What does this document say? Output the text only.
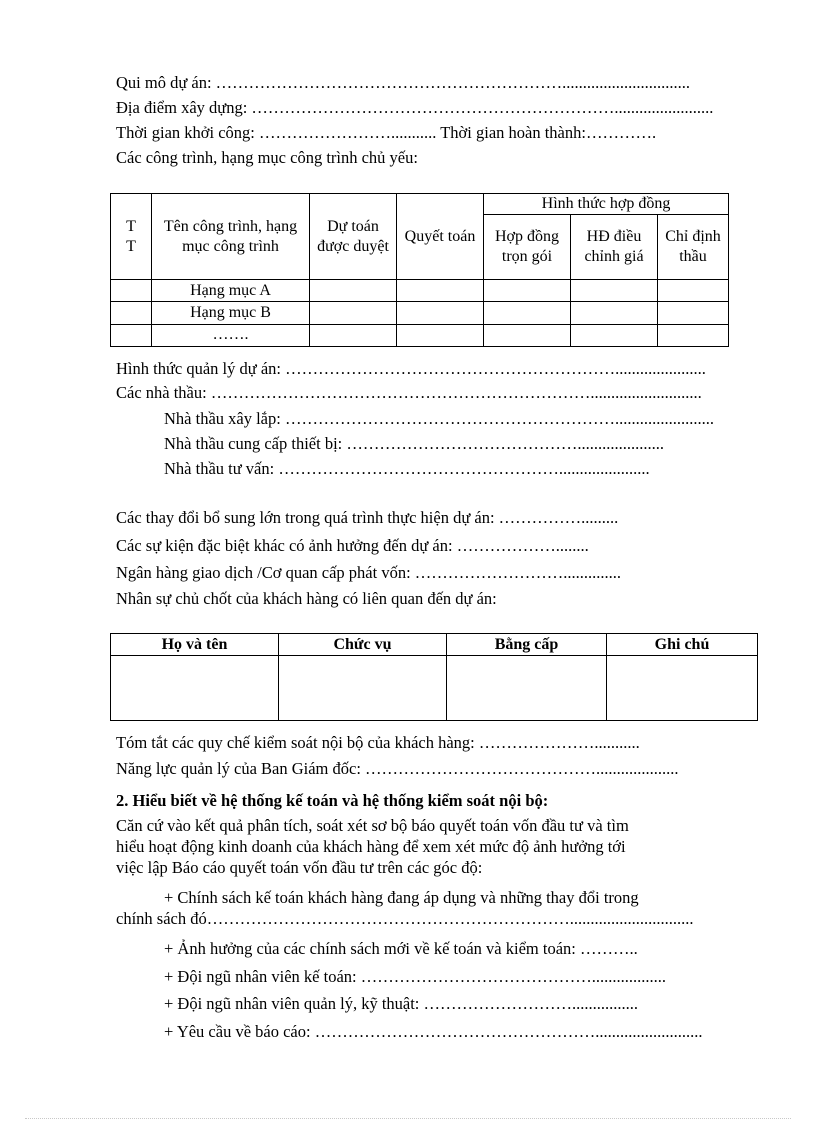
Qui mô dự án: ………………………………………………………...............................
Địa điểm xây dựng: …………………………………………………………........................
Thời gian khởi công: ……………………........... Thời gian hoàn thành:………….
Các công trình, hạng mục công trình chủ yếu:
T
T	Tên công trình, hạng mục công trình	Dự toán được duyệt	Quyết toán	Hình thức hợp đồng		
				Hợp đồng trọn gói	HĐ điều chỉnh giá	Chỉ định thầu
	Hạng mục A					
	Hạng mục B					
	…….					
Hình thức quản lý dự án: ……………………………………………………......................
Các nhà thầu: ……………………………………………………………...........................
Nhà thầu xây lắp: ……………………………………………………........................
Nhà thầu cung cấp thiết bị: …………………………………….....................
Nhà thầu tư vấn: ……………………………………………......................
Các thay đổi bổ sung lớn trong quá trình thực hiện dự án: …………….........
Các sự kiện đặc biệt khác có ảnh hưởng đến dự án: ………………........
Ngân hàng giao dịch /Cơ quan cấp phát vốn: ………………………..............
Nhân sự chủ chốt của khách hàng có liên quan đến dự án:
Họ và tên	Chức vụ	Bằng cấp	Ghi chú

Tóm tắt các quy chế kiểm soát nội bộ của khách hàng: …………………...........
Năng lực quản lý của Ban Giám đốc: ……………………………………....................
2. Hiểu biết về hệ thống kế toán và hệ thống kiểm soát nội bộ:
Căn cứ vào kết quả phân tích, soát xét sơ bộ báo quyết toán vốn đầu tư và tìm
hiểu hoạt động kinh doanh của khách hàng để xem xét mức độ ảnh hưởng tới
việc lập Báo cáo quyết toán vốn đầu tư trên các góc độ:
+ Chính sách kế toán khách hàng đang áp dụng và những thay đổi trong
chính sách đó…………………………………………………………..............................
+ Ảnh hưởng của các chính sách mới về kế toán và kiểm toán: ………..
+ Đội ngũ nhân viên kế toán: ……………………………………..................
+ Đội ngũ nhân viên quản lý, kỹ thuật: ………………………................
+ Yêu cầu về báo cáo: ……………………………………………..........................
